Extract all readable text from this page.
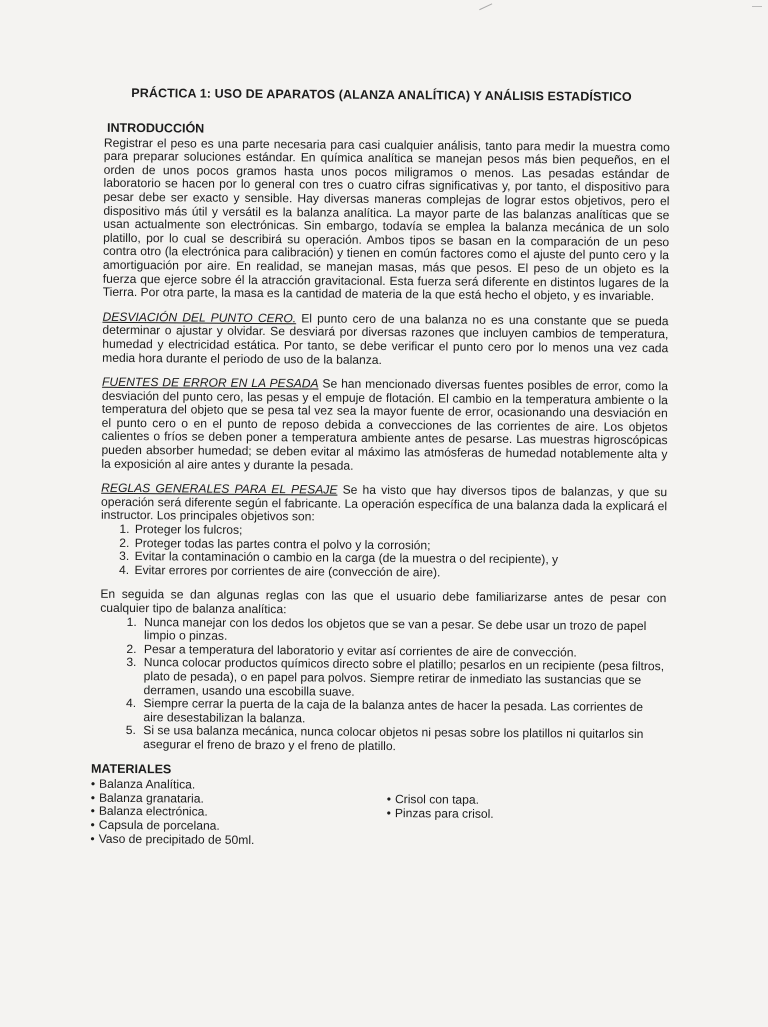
PRÁCTICA 1: USO DE APARATOS (ALANZA ANALÍTICA) Y ANÁLISIS ESTADÍSTICO
INTRODUCCIÓN

Registrar el peso es una parte necesaria para casi cualquier análisis, tanto para medir la muestra como para preparar soluciones estándar. En química analítica se manejan pesos más bien pequeños, en el orden de unos pocos gramos hasta unos pocos miligramos o menos. Las pesadas estándar de laboratorio se hacen por lo general con tres o cuatro cifras significativas y, por tanto, el dispositivo para pesar debe ser exacto y sensible. Hay diversas maneras complejas de lograr estos objetivos, pero el dispositivo más útil y versátil es la balanza analítica. La mayor parte de las balanzas analíticas que se usan actualmente son electrónicas. Sin embargo, todavía se emplea la balanza mecánica de un solo platillo, por lo cual se describirá su operación. Ambos tipos se basan en la comparación de un peso contra otro (la electrónica para calibración) y tienen en común factores como el ajuste del punto cero y la amortiguación por aire. En realidad, se manejan masas, más que pesos. El peso de un objeto es la fuerza que ejerce sobre él la atracción gravitacional. Esta fuerza será diferente en distintos lugares de la Tierra. Por otra parte, la masa es la cantidad de materia de la que está hecho el objeto, y es invariable.

DESVIACIÓN DEL PUNTO CERO. El punto cero de una balanza no es una constante que se pueda determinar o ajustar y olvidar. Se desviará por diversas razones que incluyen cambios de temperatura, humedad y electricidad estática. Por tanto, se debe verificar el punto cero por lo menos una vez cada media hora durante el periodo de uso de la balanza.

FUENTES DE ERROR EN LA PESADA Se han mencionado diversas fuentes posibles de error, como la desviación del punto cero, las pesas y el empuje de flotación. El cambio en la temperatura ambiente o la temperatura del objeto que se pesa tal vez sea la mayor fuente de error, ocasionando una desviación en el punto cero o en el punto de reposo debida a convecciones de las corrientes de aire. Los objetos calientes o fríos se deben poner a temperatura ambiente antes de pesarse. Las muestras higroscópicas pueden absorber humedad; se deben evitar al máximo las atmósferas de humedad notablemente alta y la exposición al aire antes y durante la pesada.

REGLAS GENERALES PARA EL PESAJE Se ha visto que hay diversos tipos de balanzas, y que su operación será diferente según el fabricante. La operación específica de una balanza dada la explicará el instructor. Los principales objetivos son:

1. Proteger los fulcros;
2. Proteger todas las partes contra el polvo y la corrosión;
3. Evitar la contaminación o cambio en la carga (de la muestra o del recipiente), y
4. Evitar errores por corrientes de aire (convección de aire).

En seguida se dan algunas reglas con las que el usuario debe familiarizarse antes de pesar con cualquier tipo de balanza analítica:

1. Nunca manejar con los dedos los objetos que se van a pesar. Se debe usar un trozo de papel limpio o pinzas.
2. Pesar a temperatura del laboratorio y evitar así corrientes de aire de convección.
3. Nunca colocar productos químicos directo sobre el platillo; pesarlos en un recipiente (pesa filtros, plato de pesada), o en papel para polvos. Siempre retirar de inmediato las sustancias que se derramen, usando una escobilla suave.
4. Siempre cerrar la puerta de la caja de la balanza antes de hacer la pesada. Las corrientes de aire desestabilizan la balanza.
5. Si se usa balanza mecánica, nunca colocar objetos ni pesas sobre los platillos ni quitarlos sin asegurar el freno de brazo y el freno de platillo.
MATERIALES
• Balanza Analítica.
• Balanza granataria.
• Balanza electrónica.
• Capsula de porcelana.
• Vaso de precipitado de 50ml.
• Crisol con tapa.
• Pinzas para crisol.
